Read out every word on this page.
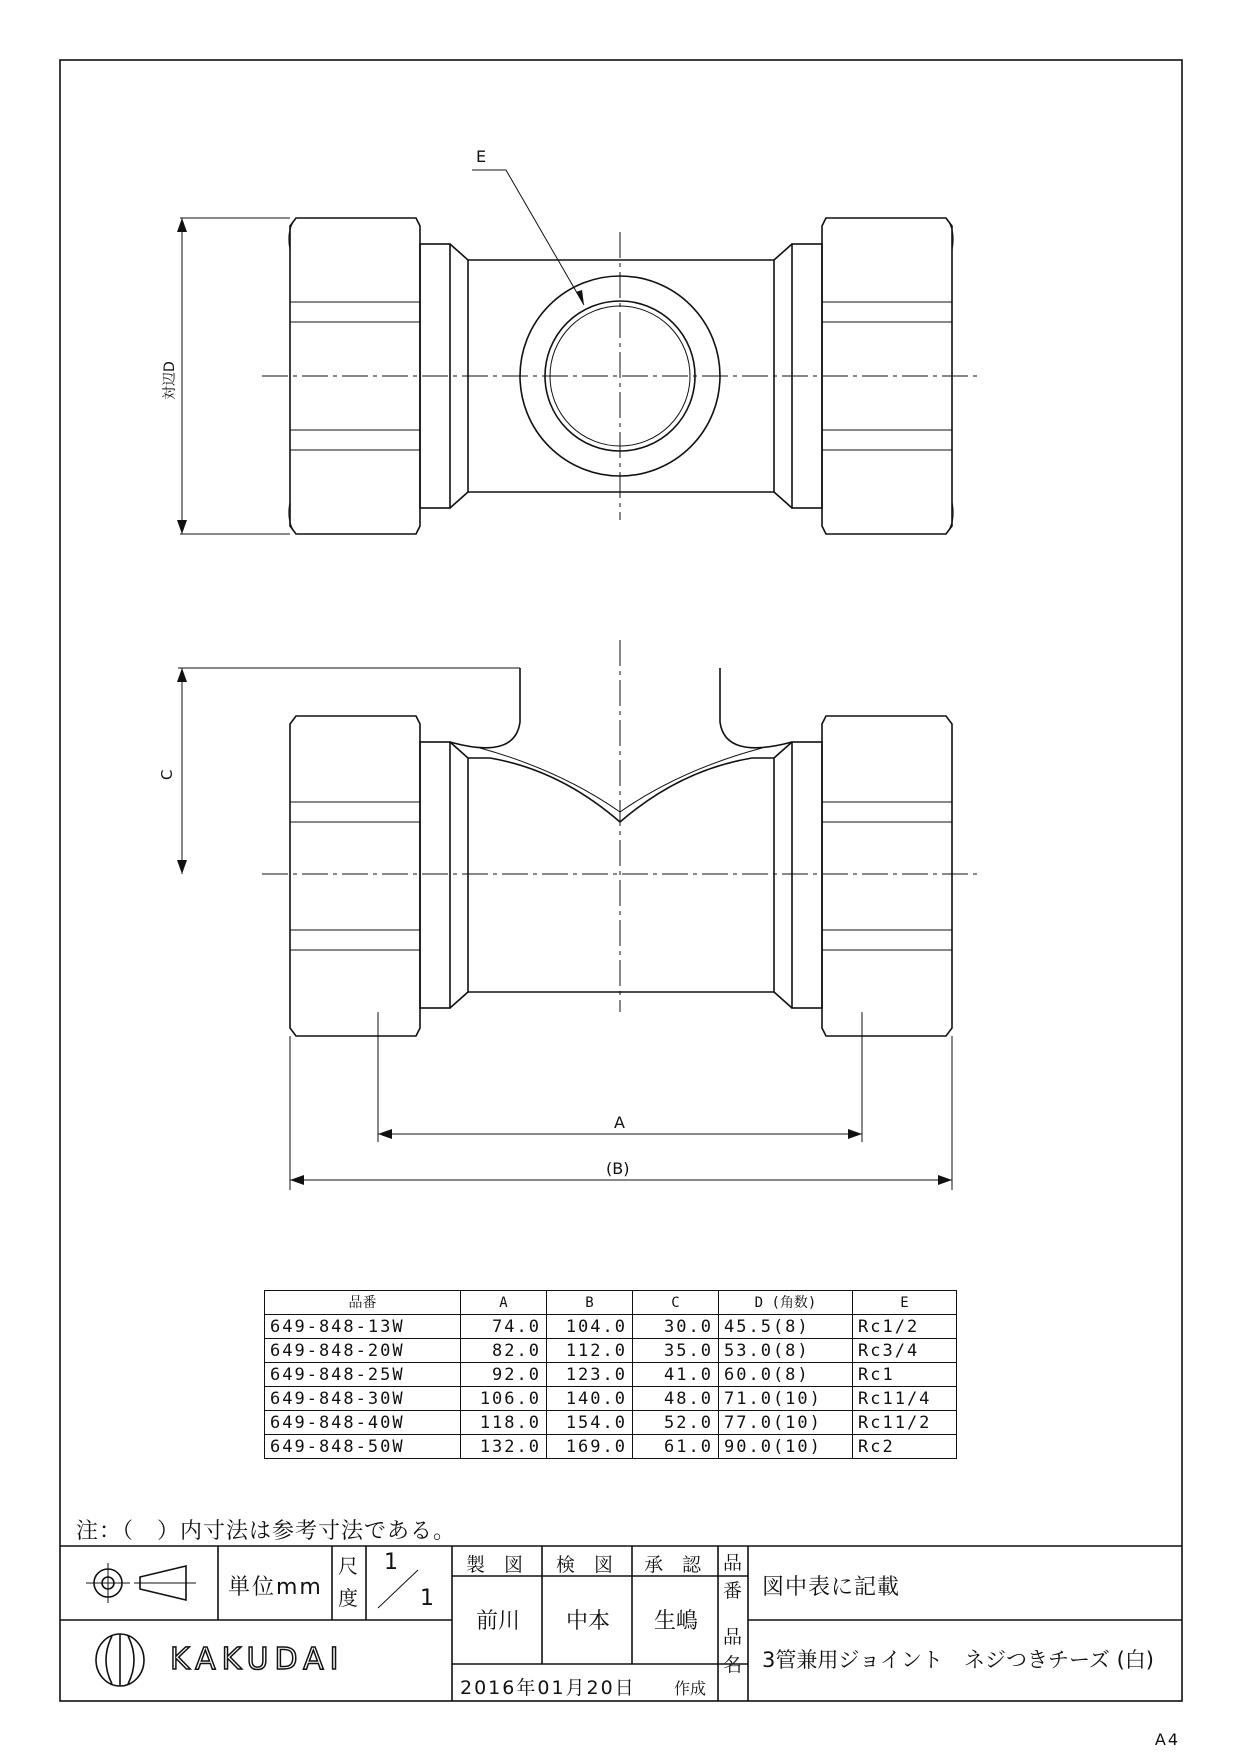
E
対辺D
C
A
(B)
品番	A	B	C	D (角数)	E
649-848-13W	74.0	104.0	30.0	45.5(8)	Rc1/2
649-848-20W	82.0	112.0	35.0	53.0(8)	Rc3/4
649-848-25W	92.0	123.0	41.0	60.0(8)	Rc1
649-848-30W	106.0	140.0	48.0	71.0(10)	Rc11/4
649-848-40W	118.0	154.0	52.0	77.0(10)	Rc11/2
649-848-50W	132.0	169.0	61.0	90.0(10)	Rc2
注：（　）内寸法は参考寸法である。
単位mm
尺
度
1
1
製　図 検　図 承　認
前川 中本 生嶋
品
番 図中表に記載
品
名 3管兼用ジョイント　ネジつきチーズ (白)
KAKUDAI
2016年01月20日 作成
A4
